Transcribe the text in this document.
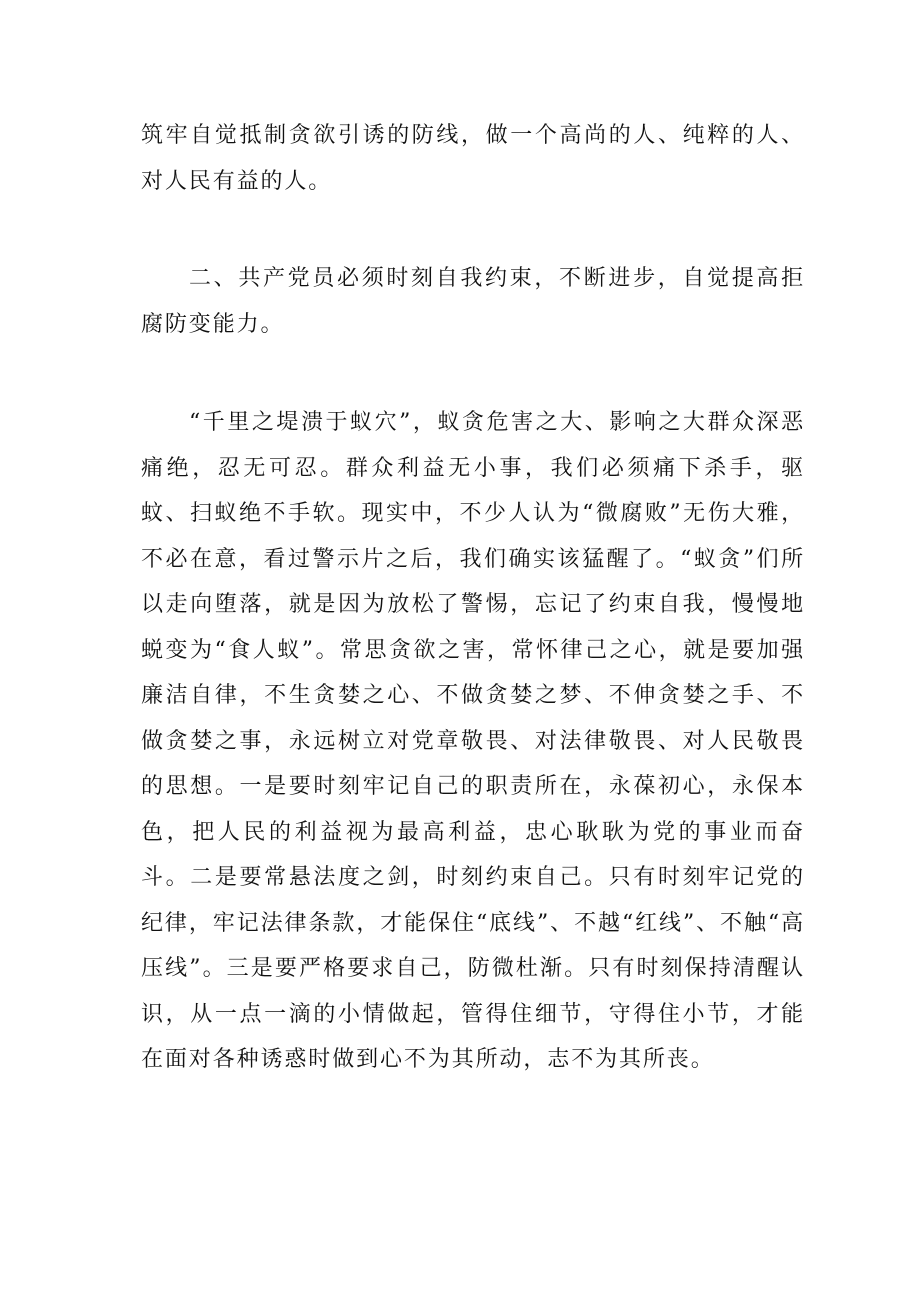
筑牢自觉抵制贪欲引诱的防线，做一个高尚的人、纯粹的人、对人民有益的人。

二、共产党员必须时刻自我约束，不断进步，自觉提高拒腐防变能力。

“千里之堤溃于蚁穴”，蚁贪危害之大、影响之大群众深恶痛绝，忍无可忍。群众利益无小事，我们必须痛下杀手，驱蚊、扫蚁绝不手软。现实中，不少人认为“微腐败”无伤大雅，不必在意，看过警示片之后，我们确实该猛醒了。“蚁贪”们所以走向堕落，就是因为放松了警惕，忘记了约束自我，慢慢地蜕变为“食人蚁”。常思贪欲之害，常怀律己之心，就是要加强廉洁自律，不生贪婪之心、不做贪婪之梦、不伸贪婪之手、不做贪婪之事，永远树立对党章敬畏、对法律敬畏、对人民敬畏的思想。一是要时刻牢记自己的职责所在，永葆初心，永保本色，把人民的利益视为最高利益，忠心耿耿为党的事业而奋斗。二是要常悬法度之剑，时刻约束自己。只有时刻牢记党的纪律，牢记法律条款，才能保住“底线”、不越“红线”、不触“高压线”。三是要严格要求自己，防微杜渐。只有时刻保持清醒认识，从一点一滴的小情做起，管得住细节，守得住小节，才能在面对各种诱惑时做到心不为其所动，志不为其所丧。
